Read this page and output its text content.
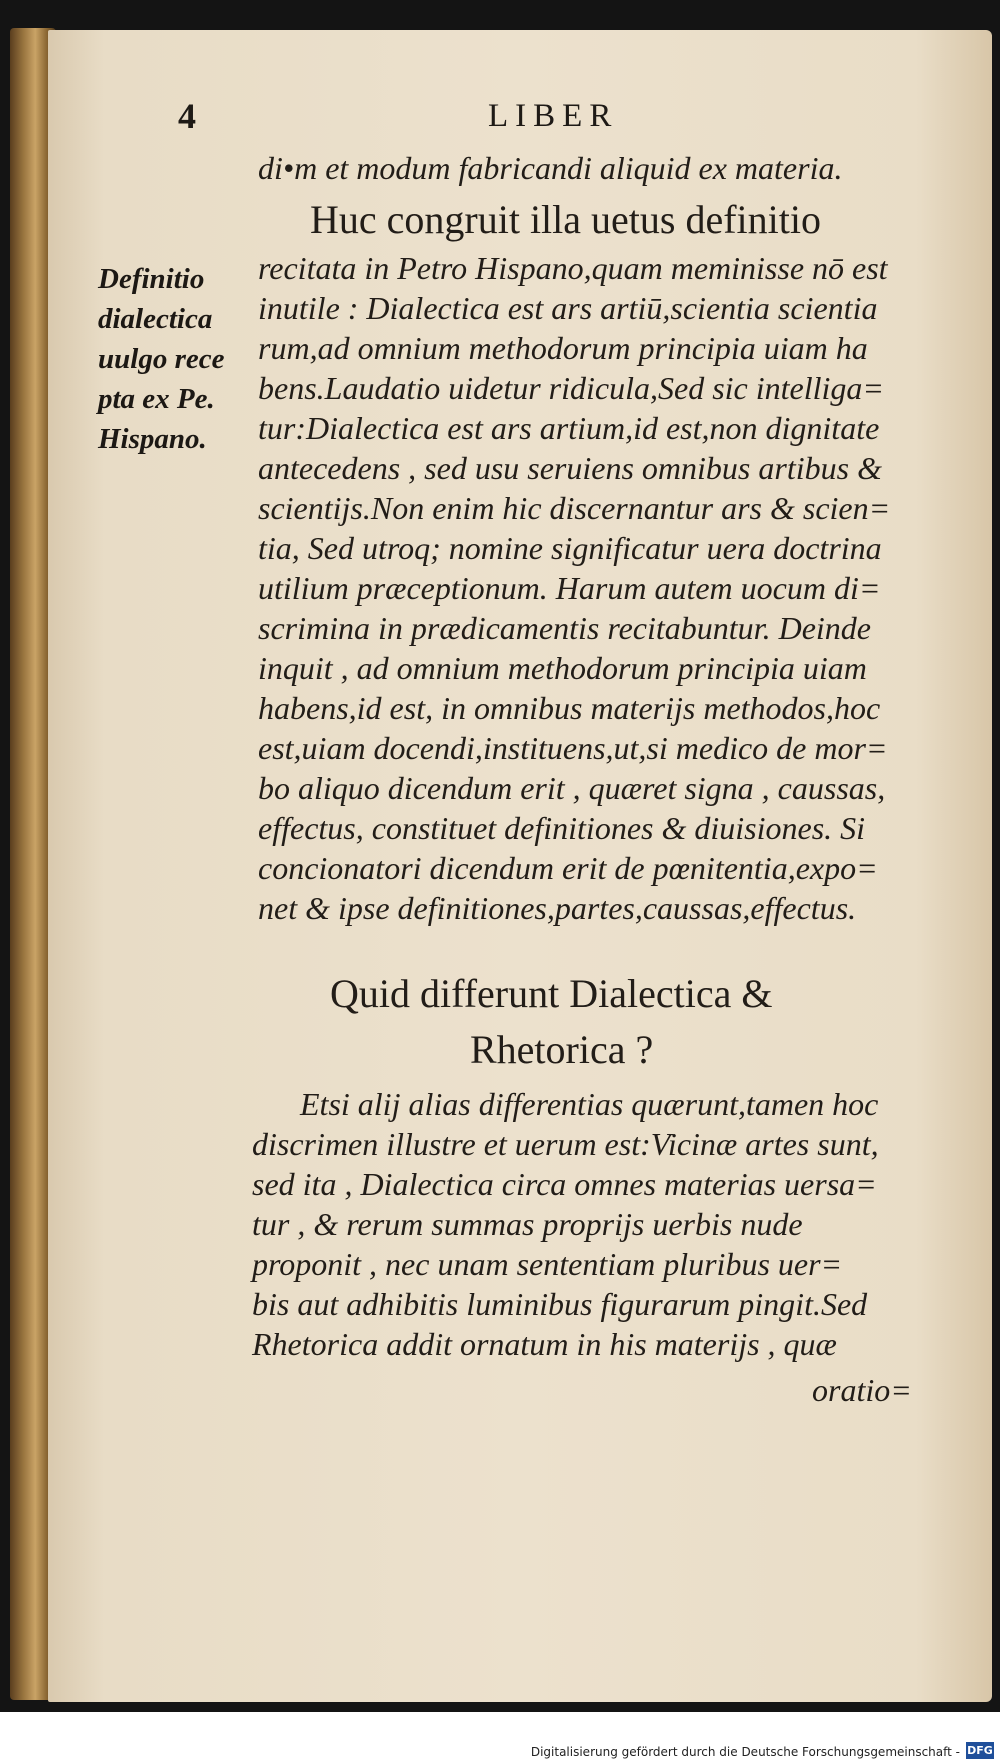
4	LIBER
Definitio
dialectica
uulgo rece
pta ex Pe.
Hispano.
di•m et modum fabricandi aliquid ex materia.
Huc congruit illa uetus definitio
recitata in Petro Hispano,quam meminisse nō est
inutile : Dialectica est ars artiū,scientia scientia
rum,ad omnium methodorum principia uiam ha
bens.Laudatio uidetur ridicula,Sed sic intelliga=
tur:Dialectica est ars artium,id est,non dignitate
antecedens , sed usu seruiens omnibus artibus &
scientijs.Non enim hic discernantur ars & scien=
tia, Sed utroq; nomine significatur uera doctrina
utilium præceptionum. Harum autem uocum di=
scrimina in prædicamentis recitabuntur. Deinde
inquit , ad omnium methodorum principia uiam
habens,id est, in omnibus materijs methodos,hoc
est,uiam docendi,instituens,ut,si medico de mor=
bo aliquo dicendum erit , quæret signa , caussas,
effectus, constituet definitiones & diuisiones. Si
concionatori dicendum erit de pœnitentia,expo=
net & ipse definitiones,partes,caussas,effectus.
Quid differunt Dialectica &
Rhetorica ?
Etsi alij alias differentias quærunt,tamen hoc
discrimen illustre et uerum est:Vicinæ artes sunt,
sed ita , Dialectica circa omnes materias uersa=
tur , & rerum summas proprijs uerbis nude
proponit , nec unam sententiam pluribus uer=
bis aut adhibitis luminibus figurarum pingit.Sed
Rhetorica addit ornatum in his materijs , quæ
oratio=
Digitalisierung gefördert durch die Deutsche Forschungsgemeinschaft - DFG
